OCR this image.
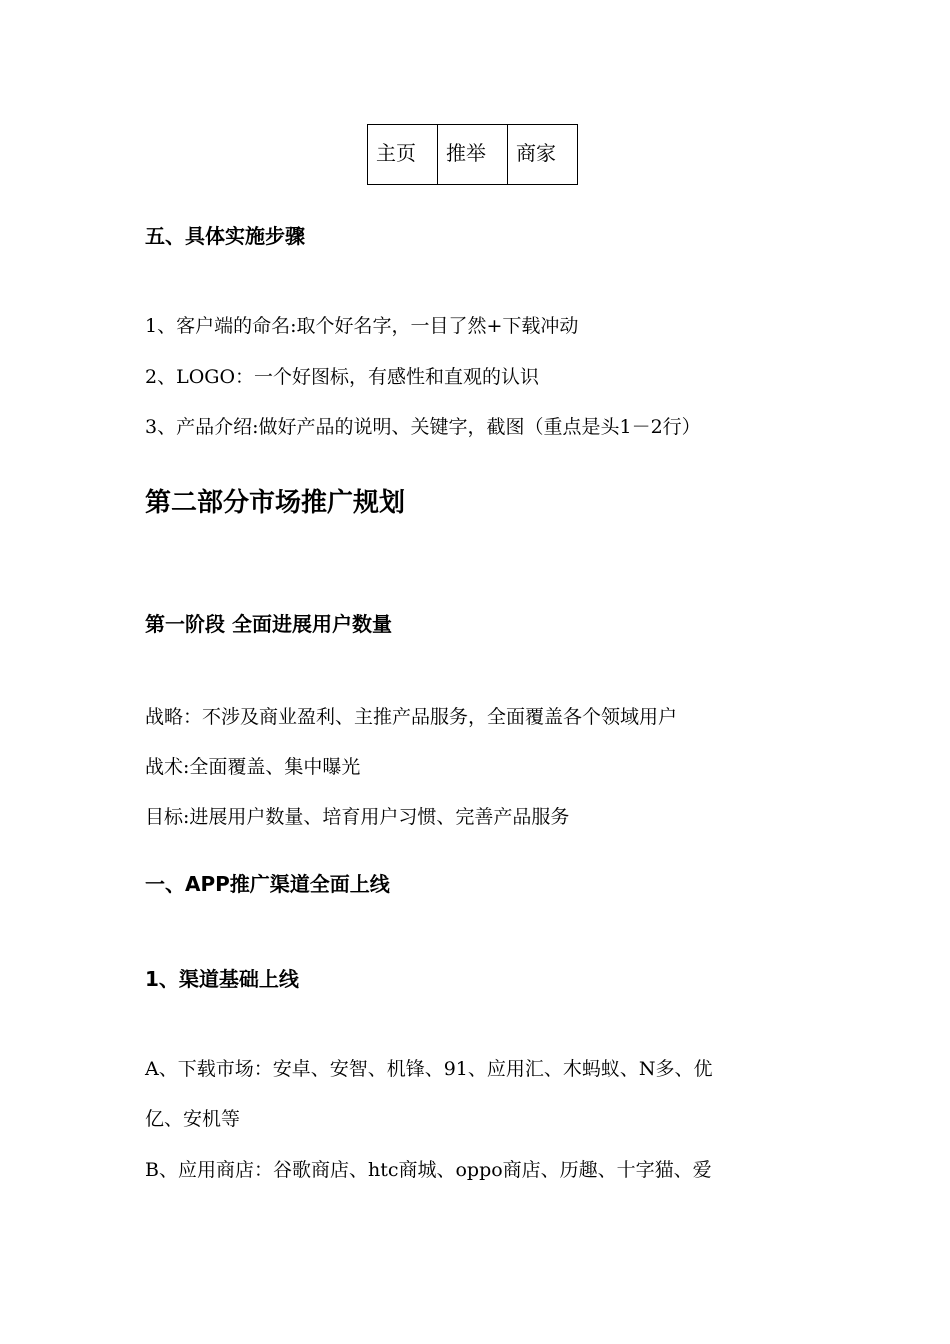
主页	推举	商家
五、具体实施步骤
1、客户端的命名:取个好名字，一目了然+下载冲动
2、LOGO：一个好图标，有感性和直观的认识
3、产品介绍:做好产品的说明、关键字，截图（重点是头1－2行）
第二部分市场推广规划
第一阶段 全面进展用户数量
战略：不涉及商业盈利、主推产品服务，全面覆盖各个领域用户
战术:全面覆盖、集中曝光
目标:进展用户数量、培育用户习惯、完善产品服务
一、APP推广渠道全面上线
1、渠道基础上线
A、下载市场：安卓、安智、机锋、91、应用汇、木蚂蚁、N多、优
亿、安机等
B、应用商店：谷歌商店、htc商城、oppo商店、历趣、十字猫、爱
